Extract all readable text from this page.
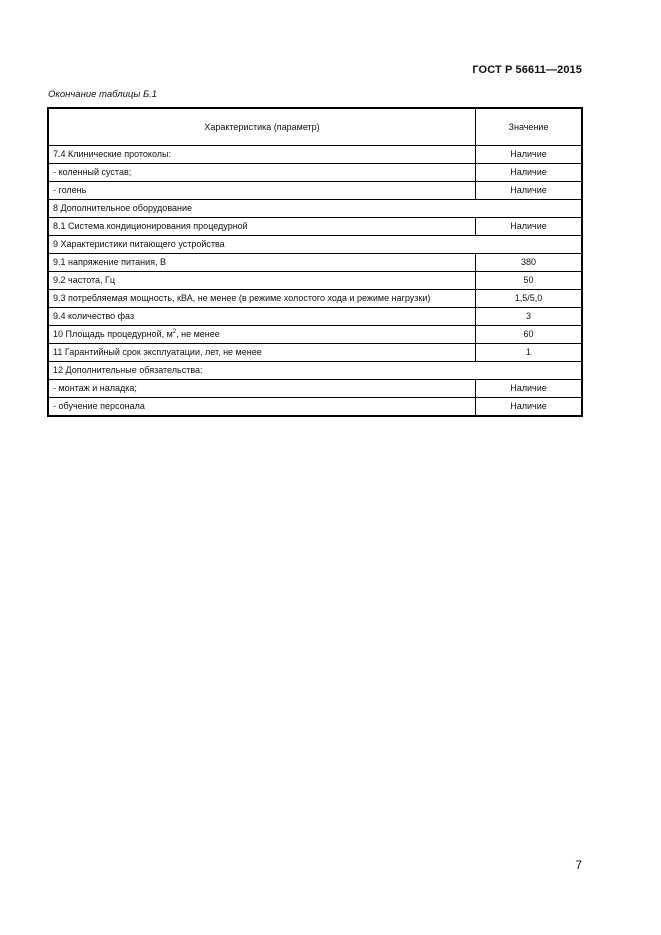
ГОСТ Р 56611—2015
Окончание таблицы Б.1
Характеристика (параметр)	Значение
7.4 Клинические протоколы:	Наличие
- коленный сустав;	Наличие
- голень	Наличие
8 Дополнительное оборудование	
8.1 Система кондиционирования процедурной	Наличие
9 Характеристики питающего устройства	
9.1 напряжение питания, В	380
9.2 частота, Гц	50
9.3 потребляемая мощность, кВА, не менее (в режиме холостого хода и режиме нагрузки)	1,5/5,0
9.4 количество фаз	3
10 Площадь процедурной, $м^2$, не менее	60
11 Гарантийный срок эксплуатации, лет, не менее	1
12 Дополнительные обязательства:	
- монтаж и наладка;	Наличие
- обучение персонала	Наличие
7
